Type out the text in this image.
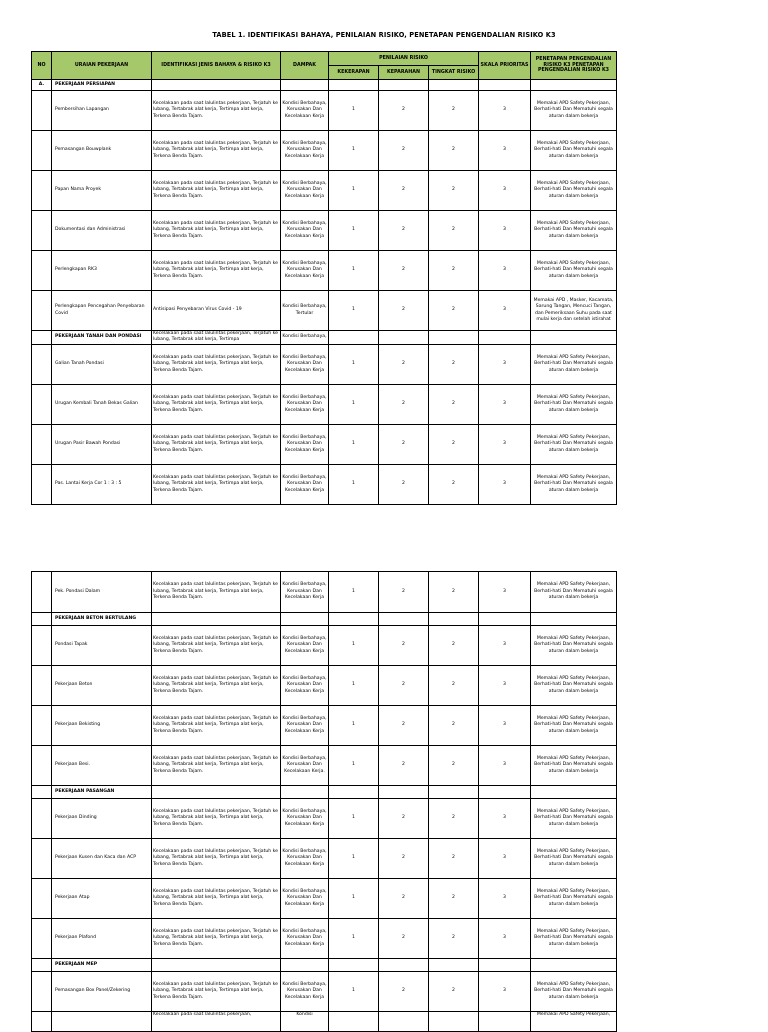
TABEL 1. IDENTIFIKASI BAHAYA, PENILAIAN RISIKO, PENETAPAN PENGENDALIAN RISIKO K3
NO	URAIAN PEKERJAAN	IDENTIFIKASI JENIS BAHAYA & RISIKO K3	DAMPAK	PENILAIAN RISIKO			SKALA PRIORITAS	PENETAPAN PENGENDALIAN RISIKO K3 PENETAPAN PENGENDALIAN RISIKO K3
				KEKERAPAN	KEPARAHAN	TINGKAT RISIKO		
A.	PEKERJAAN PERSIAPAN							
	Pembersihan Lapangan	Kecelakaan pada saat lalulintas pekerjaan, Terjatuh ke lubang, Tertabrak alat kerja, Tertimpa alat kerja, Terkena Benda Tajam.	Kondisi Berbahaya, Kerusakan Dan Kecelakaan Kerja	1	2	2	3	Memakai APD Safety Pekerjaan, Berhati-hati Dan Mematuhi segala aturan dalam bekerja
	Pemasangan Bouwplank	Kecelakaan pada saat lalulintas pekerjaan, Terjatuh ke lubang, Tertabrak alat kerja, Tertimpa alat kerja, Terkena Benda Tajam.	Kondisi Berbahaya, Kerusakan Dan Kecelakaan Kerja	1	2	2	3	Memakai APD Safety Pekerjaan, Berhati-hati Dan Mematuhi segala aturan dalam bekerja
	Papan Nama Proyek	Kecelakaan pada saat lalulintas pekerjaan, Terjatuh ke lubang, Tertabrak alat kerja, Tertimpa alat kerja, Terkena Benda Tajam.	Kondisi Berbahaya, Kerusakan Dan Kecelakaan Kerja	1	2	2	3	Memakai APD Safety Pekerjaan, Berhati-hati Dan Mematuhi segala aturan dalam bekerja
	Dokumentasi dan Administrasi	Kecelakaan pada saat lalulintas pekerjaan, Terjatuh ke lubang, Tertabrak alat kerja, Tertimpa alat kerja, Terkena Benda Tajam.	Kondisi Berbahaya, Kerusakan Dan Kecelakaan Kerja	1	2	2	3	Memakai APD Safety Pekerjaan, Berhati-hati Dan Mematuhi segala aturan dalam bekerja
	Perlengkapan RK3	Kecelakaan pada saat lalulintas pekerjaan, Terjatuh ke lubang, Tertabrak alat kerja, Tertimpa alat kerja, Terkena Benda Tajam.	Kondisi Berbahaya, Kerusakan Dan Kecelakaan Kerja	1	2	2	3	Memakai APD Safety Pekerjaan, Berhati-hati Dan Mematuhi segala aturan dalam bekerja
	Perlengkapan Pencegahan Penyebaran Covid	Antisipasi Penyebaran Virus Covid - 19	Kondisi Berbahaya, Tertular	1	2	2	3	Memakai APD , Masker, Kacamata, Sarung Tangan, Mencuci Tangan, dan Pemeriksaan Suhu pada saat mulai kerja dan setelah istirahat
	PEKERJAAN TANAH DAN PONDASI	Kecelakaan pada saat lalulintas pekerjaan, Terjatuh ke lubang, Tertabrak alat kerja, Tertimpa	Kondisi Berbahaya,					
	Galian Tanah Pondasi	Kecelakaan pada saat lalulintas pekerjaan, Terjatuh ke lubang, Tertabrak alat kerja, Tertimpa alat kerja, Terkena Benda Tajam.	Kondisi Berbahaya, Kerusakan Dan Kecelakaan Kerja	1	2	2	3	Memakai APD Safety Pekerjaan, Berhati-hati Dan Mematuhi segala aturan dalam bekerja
	Urugan Kembali Tanah Bekas Galian	Kecelakaan pada saat lalulintas pekerjaan, Terjatuh ke lubang, Tertabrak alat kerja, Tertimpa alat kerja, Terkena Benda Tajam.	Kondisi Berbahaya, Kerusakan Dan Kecelakaan Kerja	1	2	2	3	Memakai APD Safety Pekerjaan, Berhati-hati Dan Mematuhi segala aturan dalam bekerja
	Urugan Pasir Bawah Pondasi	Kecelakaan pada saat lalulintas pekerjaan, Terjatuh ke lubang, Tertabrak alat kerja, Tertimpa alat kerja, Terkena Benda Tajam.	Kondisi Berbahaya, Kerusakan Dan Kecelakaan Kerja	1	2	2	3	Memakai APD Safety Pekerjaan, Berhati-hati Dan Mematuhi segala aturan dalam bekerja
	Pas. Lantai Kerja Cor 1 : 3 : 5	Kecelakaan pada saat lalulintas pekerjaan, Terjatuh ke lubang, Tertabrak alat kerja, Tertimpa alat kerja, Terkena Benda Tajam.	Kondisi Berbahaya, Kerusakan Dan Kecelakaan Kerja	1	2	2	3	Memakai APD Safety Pekerjaan, Berhati-hati Dan Mematuhi segala aturan dalam bekerja
	Pek. Pondasi Dalam	Kecelakaan pada saat lalulintas pekerjaan, Terjatuh ke lubang, Tertabrak alat kerja, Tertimpa alat kerja, Terkena Benda Tajam.	Kondisi Berbahaya, Kerusakan Dan Kecelakaan Kerja	1	2	2	3	Memakai APD Safety Pekerjaan, Berhati-hati Dan Mematuhi segala aturan dalam bekerja
	PEKERJAAN BETON BERTULANG							
	Pondasi Tapak	Kecelakaan pada saat lalulintas pekerjaan, Terjatuh ke lubang, Tertabrak alat kerja, Tertimpa alat kerja, Terkena Benda Tajam.	Kondisi Berbahaya, Kerusakan Dan Kecelakaan Kerja	1	2	2	3	Memakai APD Safety Pekerjaan, Berhati-hati Dan Mematuhi segala aturan dalam bekerja
	Pekerjaan Beton	Kecelakaan pada saat lalulintas pekerjaan, Terjatuh ke lubang, Tertabrak alat kerja, Tertimpa alat kerja, Terkena Benda Tajam.	Kondisi Berbahaya, Kerusakan Dan Kecelakaan Kerja	1	2	2	3	Memakai APD Safety Pekerjaan, Berhati-hati Dan Mematuhi segala aturan dalam bekerja
	Pekerjaan Bekisting	Kecelakaan pada saat lalulintas pekerjaan, Terjatuh ke lubang, Tertabrak alat kerja, Tertimpa alat kerja, Terkena Benda Tajam.	Kondisi Berbahaya, Kerusakan Dan Kecelakaan Kerja	1	2	2	3	Memakai APD Safety Pekerjaan, Berhati-hati Dan Mematuhi segala aturan dalam bekerja
	Pekerjaan Besi.	Kecelakaan pada saat lalulintas pekerjaan, Terjatuh ke lubang, Tertabrak alat kerja, Tertimpa alat kerja, Terkena Benda Tajam.	Kondisi Berbahaya, Kerusakan Dan Kecelakaan Kerja.	1	2	2	3	Memakai APD Safety Pekerjaan, Berhati-hati Dan Mematuhi segala aturan dalam bekerja
	PEKERJAAN PASANGAN							
	Pekerjaan Dinding	Kecelakaan pada saat lalulintas pekerjaan, Terjatuh ke lubang, Tertabrak alat kerja, Tertimpa alat kerja, Terkena Benda Tajam.	Kondisi Berbahaya, Kerusakan Dan Kecelakaan Kerja	1	2	2	3	Memakai APD Safety Pekerjaan, Berhati-hati Dan Mematuhi segala aturan dalam bekerja
	Pekerjaan Kusen dan Kaca dan ACP	Kecelakaan pada saat lalulintas pekerjaan, Terjatuh ke lubang, Tertabrak alat kerja, Tertimpa alat kerja, Terkena Benda Tajam.	Kondisi Berbahaya, Kerusakan Dan Kecelakaan Kerja	1	2	2	3	Memakai APD Safety Pekerjaan, Berhati-hati Dan Mematuhi segala aturan dalam bekerja
	Pekerjaan Atap	Kecelakaan pada saat lalulintas pekerjaan, Terjatuh ke lubang, Tertabrak alat kerja, Tertimpa alat kerja, Terkena Benda Tajam.	Kondisi Berbahaya, Kerusakan Dan Kecelakaan Kerja	1	2	2	3	Memakai APD Safety Pekerjaan, Berhati-hati Dan Mematuhi segala aturan dalam bekerja
	Pekerjaan Plafond	Kecelakaan pada saat lalulintas pekerjaan, Terjatuh ke lubang, Tertabrak alat kerja, Tertimpa alat kerja, Terkena Benda Tajam.	Kondisi Berbahaya, Kerusakan Dan Kecelakaan Kerja	1	2	2	3	Memakai APD Safety Pekerjaan, Berhati-hati Dan Mematuhi segala aturan dalam bekerja
	PEKERJAAN MEP							
	Pemasangan Box Panel/Zekering	Kecelakaan pada saat lalulintas pekerjaan, Terjatuh ke lubang, Tertabrak alat kerja, Tertimpa alat kerja, Terkena Benda Tajam.	Kondisi Berbahaya, Kerusakan Dan Kecelakaan Kerja	1	2	2	3	Memakai APD Safety Pekerjaan, Berhati-hati Dan Mematuhi segala aturan dalam bekerja
		Kecelakaan pada saat lalulintas pekerjaan,	Kondisi					Memakai APD Safety Pekerjaan,
